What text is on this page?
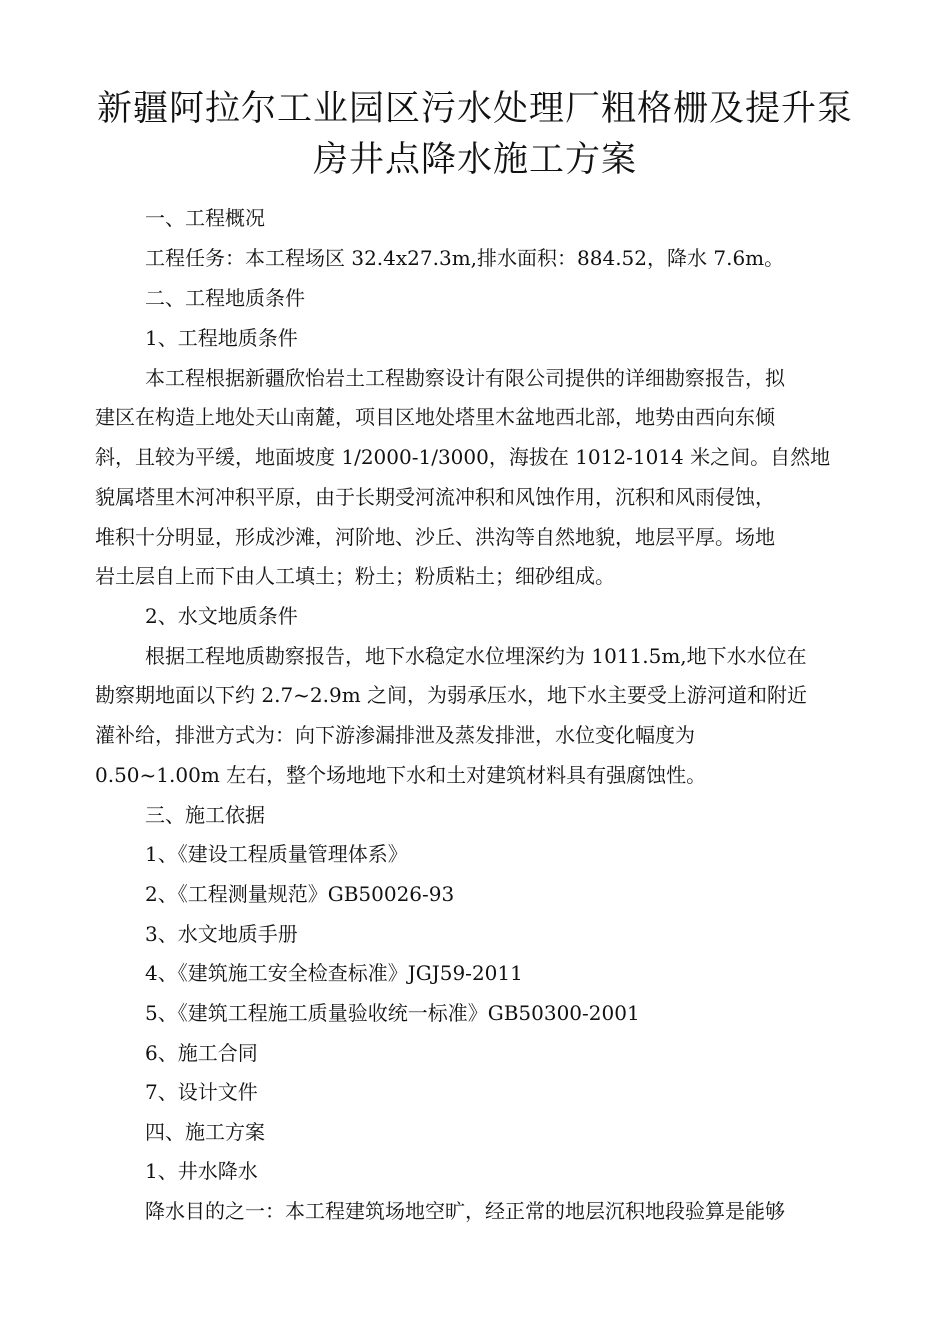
新疆阿拉尔工业园区污水处理厂粗格栅及提升泵
房井点降水施工方案
一、工程概况
工程任务：本工程场区 32.4x27.3m,排水面积：884.52，降水 7.6m。
二、工程地质条件
1、工程地质条件
本工程根据新疆欣怡岩土工程勘察设计有限公司提供的详细勘察报告，拟
建区在构造上地处天山南麓，项目区地处塔里木盆地西北部，地势由西向东倾
斜，且较为平缓，地面坡度 1/2000-1/3000，海拔在 1012-1014 米之间。自然地
貌属塔里木河冲积平原，由于长期受河流冲积和风蚀作用，沉积和风雨侵蚀，
堆积十分明显，形成沙滩，河阶地、沙丘、洪沟等自然地貌，地层平厚。场地
岩土层自上而下由人工填土；粉土；粉质粘土；细砂组成。
2、水文地质条件
根据工程地质勘察报告，地下水稳定水位埋深约为 1011.5m,地下水水位在
勘察期地面以下约 2.7~2.9m 之间，为弱承压水，地下水主要受上游河道和附近
灌补给，排泄方式为：向下游渗漏排泄及蒸发排泄，水位变化幅度为
0.50~1.00m 左右，整个场地地下水和土对建筑材料具有强腐蚀性。
三、施工依据
1、《建设工程质量管理体系》
2、《工程测量规范》GB50026-93
3、水文地质手册
4、《建筑施工安全检查标准》JGJ59-2011
5、《建筑工程施工质量验收统一标准》GB50300-2001
6、施工合同
7、设计文件
四、施工方案
1、井水降水
降水目的之一：本工程建筑场地空旷，经正常的地层沉积地段验算是能够
